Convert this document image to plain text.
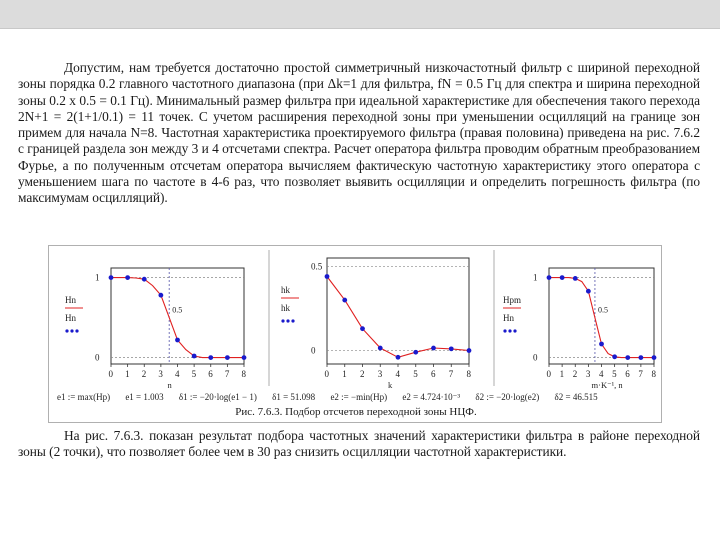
Допустим, нам требуется достаточно простой симметричный низкочастотный фильтр с шириной переходной зоны порядка 0.2 главного частотного диапазона (при Δk=1 для фильтра, fN = 0.5 Гц для спектра и ширина переходной зоны 0.2 х 0.5 = 0.1 Гц). Минимальный размер фильтра при идеальной характеристике для обеспечения такого перехода 2N+1 = 2(1+1/0.1) = 11 точек. С учетом расширения переходной зоны при уменьшении осцилляций на границе зон примем для начала N=8. Частотная характеристика проектируемого фильтра (правая половина) приведена на рис. 7.6.2 с границей раздела зон между 3 и 4 отсчетами спектра. Расчет оператора фильтра проводим обратным преобразованием Фурье, а по полученным отсчетам оператора вычисляем фактическую частотную характеристику этого оператора с уменьшением шага по частоте в 4-6 раз, что позволяет выявить осцилляции и определить погрешность фильтра (по максимумам осцилляций).

1
0
0.5
0 1 2 3 4 5 6 7 8
n
Hn
Hn
0.5
0
0 1 2 3 4 5 6 7 8
k
hk
hk
1
0
0.5
0 1 2 3 4 5 6 7 8
m·K⁻¹, n
Hpm
Hn
e1 := max(Hp) e1 = 1.003 δ1 := −20·log(e1 − 1) δ1 = 51.098 e2 := −min(Hp) e2 = 4.724·10⁻³ δ2 := −20·log(e2) δ2 = 46.515
Рис. 7.6.3. Подбор отсчетов переходной зоны НЦФ.

На рис. 7.6.3. показан результат подбора частотных значений характеристики фильтра в районе переходной зоны (2 точки), что позволяет более чем в 30 раз снизить осцилляции частотной характеристики.
